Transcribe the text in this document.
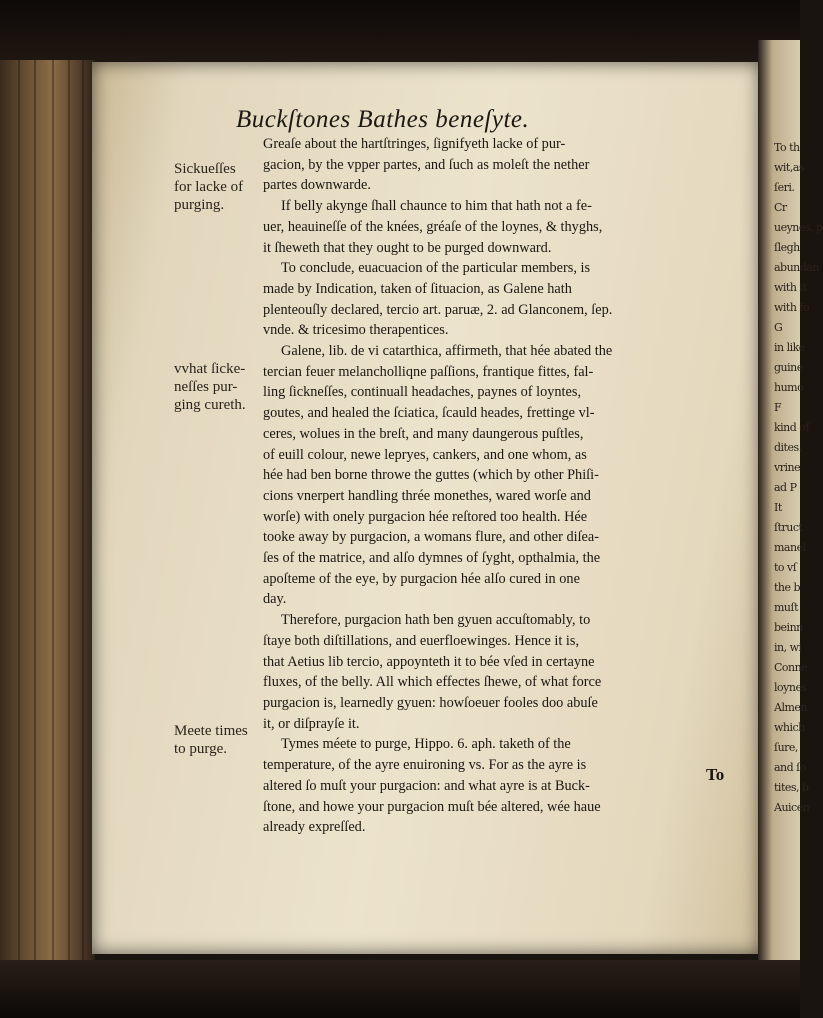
Buckſtones Bathes beneſyte.
Sickueſſes
for lacke of
purging.
vvhat ſicke-
neſſes pur-
ging cureth.
Meete times
to purge.
Greaſe about the hartſtringes, ſignifyeth lacke of pur-
gacion, by the vpper partes, and ſuch as moleſt the nether
partes downwarde.
If belly akynge ſhall chaunce to him that hath not a fe-
uer, heauineſſe of the knées, gréaſe of the loynes, & thyghs,
it ſheweth that they ought to be purged downward.
To conclude, euacuacion of the particular members, is
made by Indication, taken of ſituacion, as Galene hath
plenteouſly declared, tercio art. paruæ, 2. ad Glanconem, ſep.
vnde. & tricesimo therapentices.
Galene, lib. de vi catarthica, affirmeth, that hée abated the
tercian feuer melancholliqne paſſions, frantique fittes, fal-
ling ſickneſſes, continuall headaches, paynes of loyntes,
goutes, and healed the ſciatica, ſcauld heades, frettinge vl-
ceres, wolues in the breſt, and many daungerous puſtles,
of euill colour, newe lepryes, cankers, and one whom, as
hée had ben borne throwe the guttes (which by other Phiſi-
cions vnerpert handling thrée monethes, wared worſe and
worſe) with onely purgacion hée reſtored too health. Hée
tooke away by purgacion, a womans flure, and other diſea-
ſes of the matrice, and alſo dymnes of ſyght, opthalmia, the
apoſteme of the eye, by purgacion hée alſo cured in one
day.
Therefore, purgacion hath ben gyuen accuſtomably, to
ſtaye both diſtillations, and euerfloewinges. Hence it is,
that Aetius lib tercio, appoynteth it to bée vſed in certayne
fluxes, of the belly. All which effectes ſhewe, of what force
purgacion is, learnedly gyuen: howſoeuer fooles doo abuſe
it, or diſprayſe it.
Tymes méete to purge, Hippo. 6. aph. taketh of the
temperature, of the ayre enuironing vs. For as the ayre is
altered ſo muſt your purgacion: and what ayre is at Buck-
ſtone, and howe your purgacion muſt bée altered, wée haue
already expreſſed.
To
To th
wit,as
ſeri.
Cr
ueynes, p
ſlegh
abundan
with it
with fo
G
in like
guine
humo
F
kind of
dites.
vrine
ad P
It
ſtruct
manel
to vſ
the b
muſt
beinn
in, wi
Conne
loynes
Almen
which
ſure,
and ſo
tites, b
Auicen
